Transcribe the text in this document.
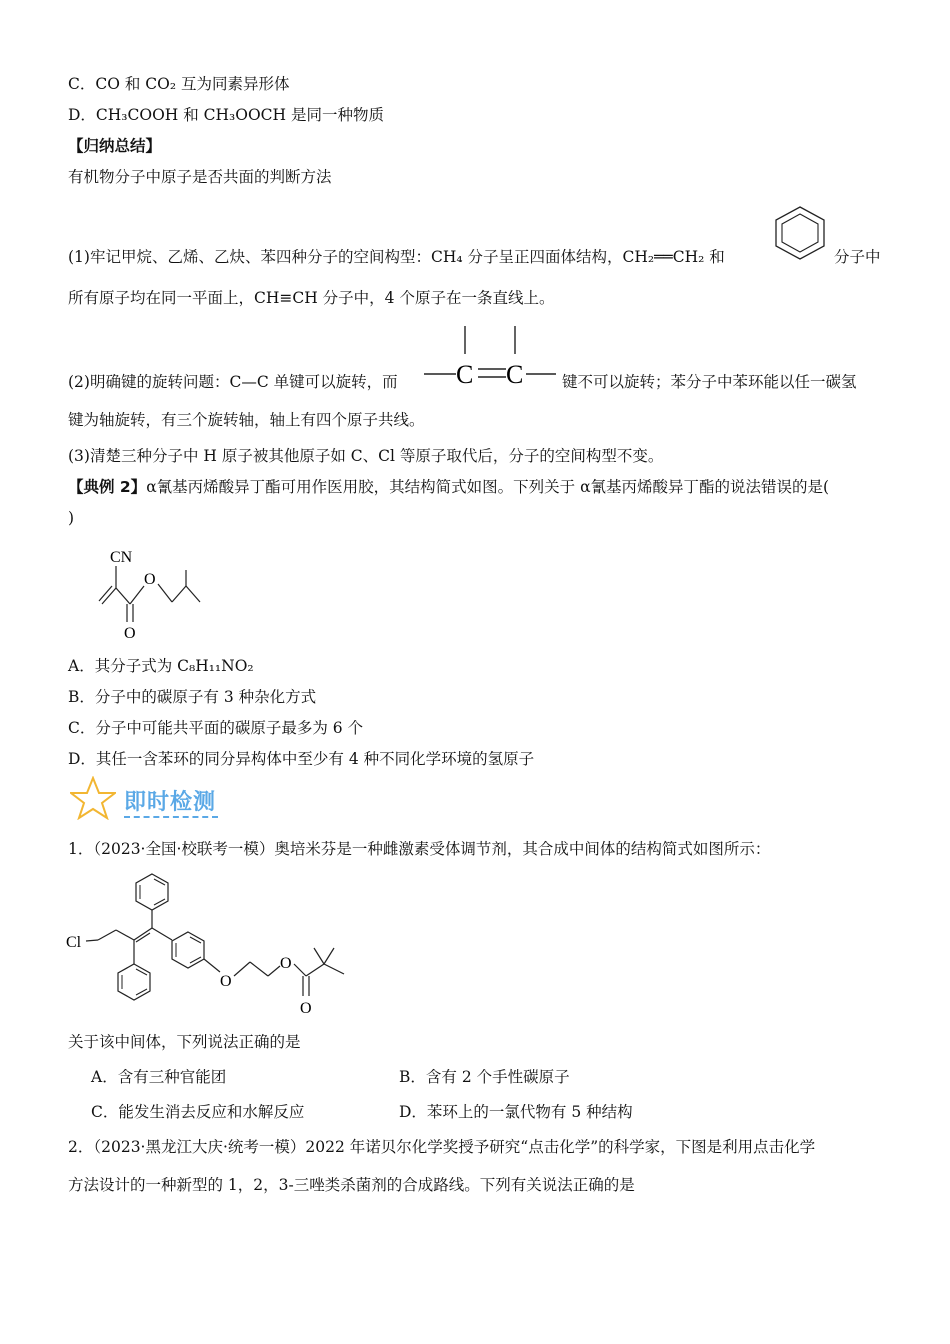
C．CO 和 CO₂ 互为同素异形体
D．CH₃COOH 和 CH₃OOCH 是同一种物质
【归纳总结】
有机物分子中原子是否共面的判断方法
(1)牢记甲烷、乙烯、乙炔、苯四种分子的空间构型：CH₄ 分子呈正四面体结构，CH₂══CH₂ 和	分子中
所有原子均在同一平面上，CH≡CH 分子中，4 个原子在一条直线上。
(2)明确键的旋转问题：C—C 单键可以旋转，而 C C 键不可以旋转；苯分子中苯环能以任一碳氢
键为轴旋转，有三个旋转轴，轴上有四个原子共线。
(3)清楚三种分子中 H 原子被其他原子如 C、Cl 等原子取代后，分子的空间构型不变。
【典例 2】α氰基丙烯酸异丁酯可用作医用胶，其结构简式如图。下列关于 α氰基丙烯酸异丁酯的说法错误的是(
)
CN
O
O
A．其分子式为 C₈H₁₁NO₂
B．分子中的碳原子有 3 种杂化方式
C．分子中可能共平面的碳原子最多为 6 个
D．其任一含苯环的同分异构体中至少有 4 种不同化学环境的氢原子
即时检测
1．（2023·全国·校联考一模）奥培米芬是一种雌激素受体调节剂，其合成中间体的结构简式如图所示：
Cl
O
O
O
关于该中间体，下列说法正确的是
A．含有三种官能团	B．含有 2 个手性碳原子
C．能发生消去反应和水解反应	D．苯环上的一氯代物有 5 种结构
2．（2023·黑龙江大庆·统考一模）2022 年诺贝尔化学奖授予研究“点击化学”的科学家，下图是利用点击化学
方法设计的一种新型的 1，2，3-三唑类杀菌剂的合成路线。下列有关说法正确的是
